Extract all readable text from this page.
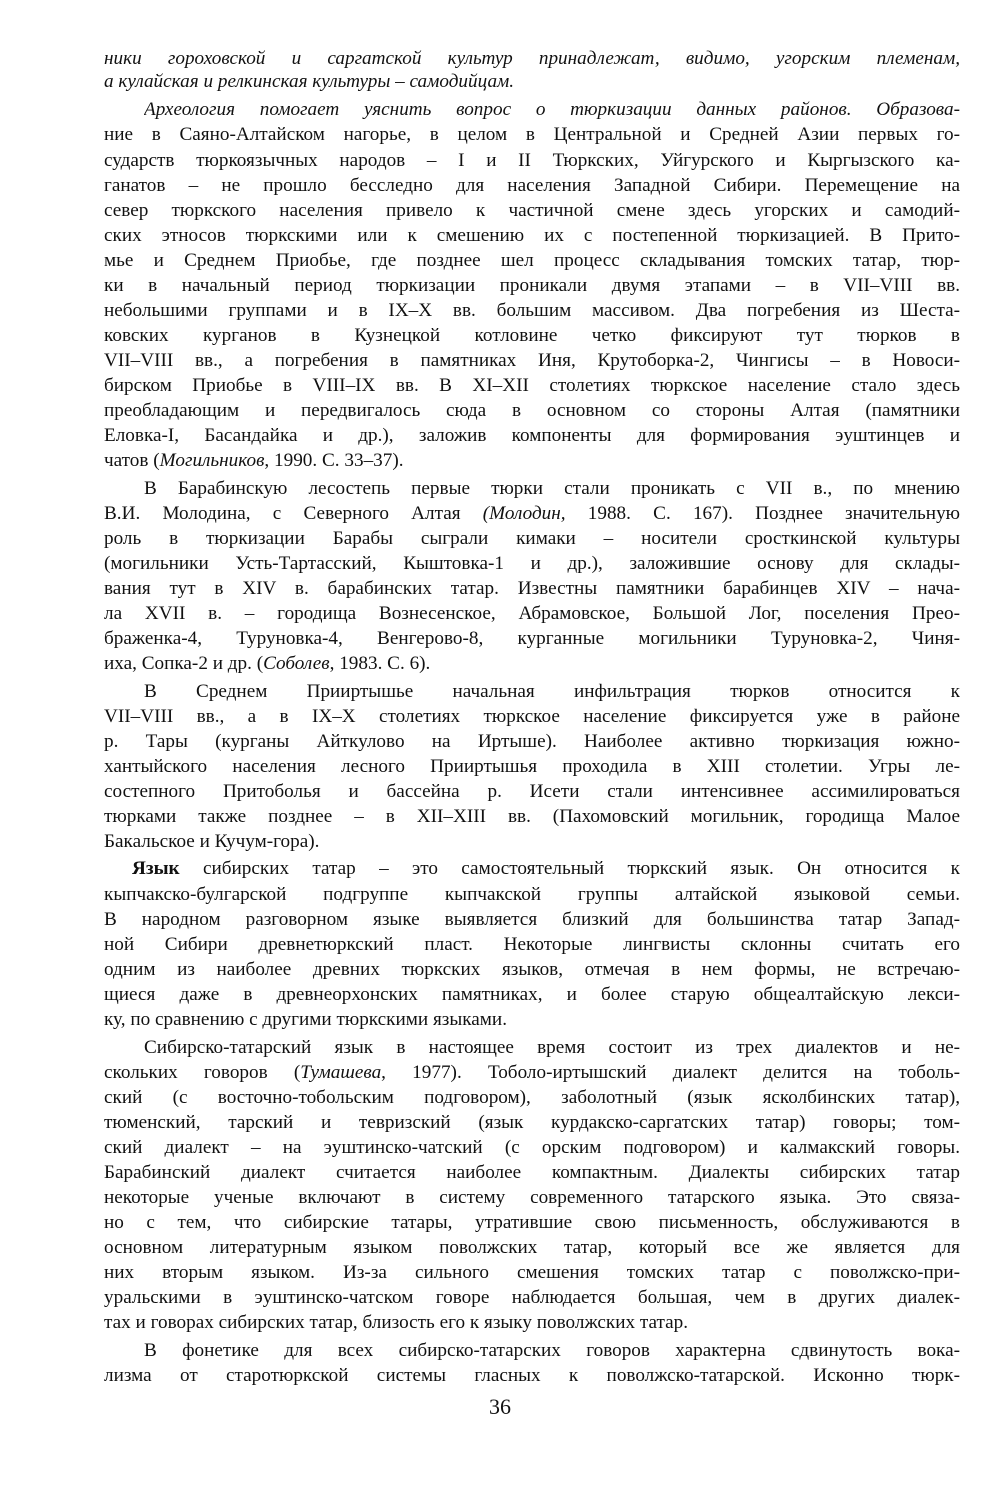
ники гороховской и саргатской культур принадлежат, видимо, угорским племенам,
а кулайская и релкинская культуры – самодийцам.
Археология помогает уяснить вопрос о тюркизации данных районов. Образова-
ние в Саяно-Алтайском нагорье, в целом в Центральной и Средней Азии первых го-
сударств тюркоязычных народов – I и II Тюркских, Уйгурского и Кыргызского ка-
ганатов – не прошло бесследно для населения Западной Сибири. Перемещение на
север тюркского населения привело к частичной смене здесь угорских и самодий-
ских этносов тюркскими или к смешению их с постепенной тюркизацией. В Прито-
мье и Среднем Приобье, где позднее шел процесс складывания томских татар, тюр-
ки в начальный период тюркизации проникали двумя этапами – в VII–VIII вв.
небольшими группами и в IX–X вв. большим массивом. Два погребения из Шеста-
ковских курганов в Кузнецкой котловине четко фиксируют тут тюрков в
VII–VIII вв., а погребения в памятниках Иня, Крутоборка-2, Чингисы – в Новоси-
бирском Приобье в VIII–IX вв. В XI–XII столетиях тюркское население стало здесь
преобладающим и передвигалось сюда в основном со стороны Алтая (памятники
Еловка-I, Басандайка и др.), заложив компоненты для формирования эуштинцев и
чатов (Могильников, 1990. С. 33–37).
В Барабинскую лесостепь первые тюрки стали проникать с VII в., по мнению
В.И. Молодина, с Северного Алтая (Молодин, 1988. С. 167). Позднее значительную
роль в тюркизации Барабы сыграли кимаки – носители сросткинской культуры
(могильники Усть-Тартасский, Кыштовка-1 и др.), заложившие основу для склады-
вания тут в XIV в. барабинских татар. Известны памятники барабинцев XIV – нача-
ла XVII в. – городища Вознесенское, Абрамовское, Большой Лог, поселения Прео-
браженка-4, Туруновка-4, Венгерово-8, курганные могильники Туруновка-2, Чиня-
иха, Сопка-2 и др. (Соболев, 1983. С. 6).
В Среднем Прииртышье начальная инфильтрация тюрков относится к
VII–VIII вв., а в IX–X столетиях тюркское население фиксируется уже в районе
р. Тары (курганы Айткулово на Иртыше). Наиболее активно тюркизация южно-
хантыйского населения лесного Прииртышья проходила в XIII столетии. Угры ле-
состепного Притоболья и бассейна р. Исети стали интенсивнее ассимилироваться
тюрками также позднее – в XII–XIII вв. (Пахомовский могильник, городища Малое
Бакальское и Кучум-гора).
Язык сибирских татар – это самостоятельный тюркский язык. Он относится к
кыпчакско-булгарской подгруппе кыпчакской группы алтайской языковой семьи.
В народном разговорном языке выявляется близкий для большинства татар Запад-
ной Сибири древнетюркский пласт. Некоторые лингвисты склонны считать его
одним из наиболее древних тюркских языков, отмечая в нем формы, не встречаю-
щиеся даже в древнеорхонских памятниках, и более старую общеалтайскую лекси-
ку, по сравнению с другими тюркскими языками.
Сибирско-татарский язык в настоящее время состоит из трех диалектов и не-
скольких говоров (Тумашева, 1977). Тоболо-иртышский диалект делится на тоболь-
ский (с восточно-тобольским подговором), заболотный (язык ясколбинских татар),
тюменский, тарский и тевризский (язык курдакско-саргатских татар) говоры; том-
ский диалект – на эуштинско-чатский (с орским подговором) и калмакский говоры.
Барабинский диалект считается наиболее компактным. Диалекты сибирских татар
некоторые ученые включают в систему современного татарского языка. Это связа-
но с тем, что сибирские татары, утратившие свою письменность, обслуживаются в
основном литературным языком поволжских татар, который все же является для
них вторым языком. Из-за сильного смешения томских татар с поволжско-при-
уральскими в эуштинско-чатском говоре наблюдается большая, чем в других диалек-
тах и говорах сибирских татар, близость его к языку поволжских татар.
В фонетике для всех сибирско-татарских говоров характерна сдвинутость вока-
лизма от старотюркской системы гласных к поволжско-татарской. Исконно тюрк-
36
